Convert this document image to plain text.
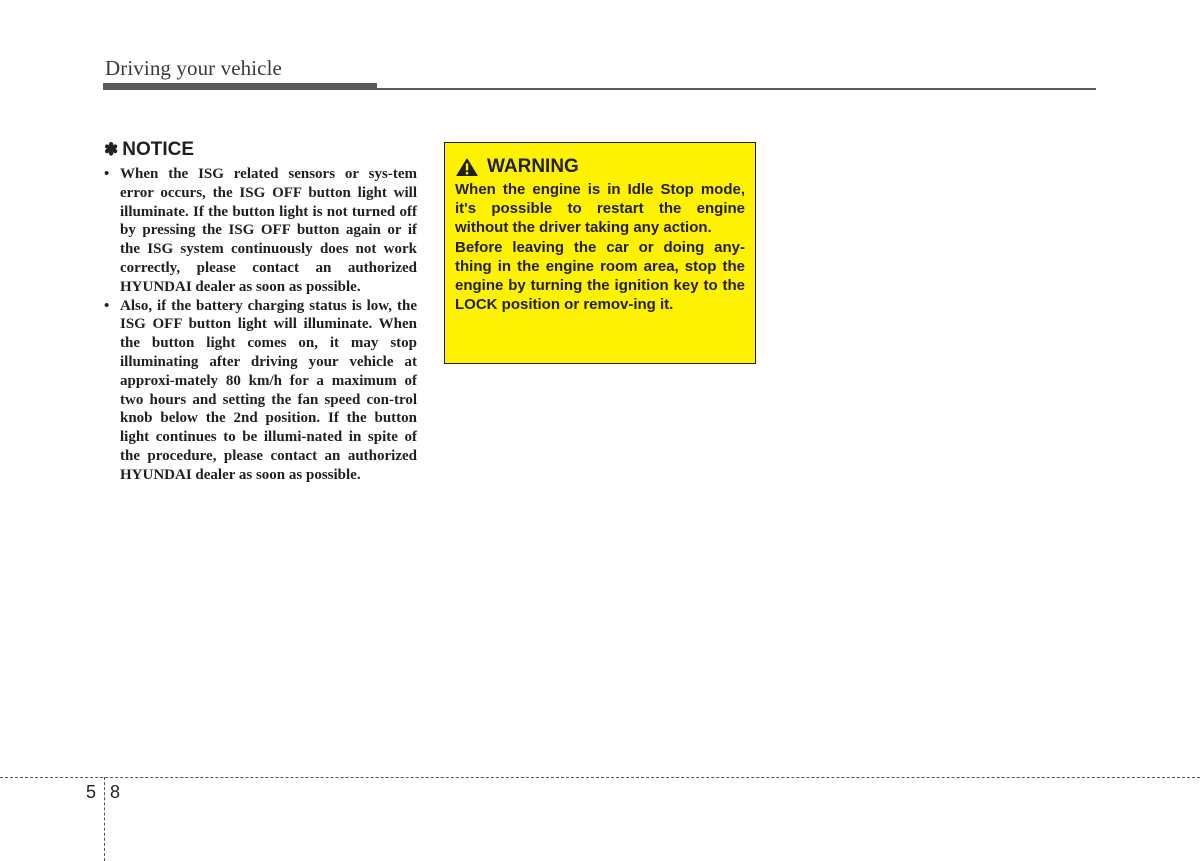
Driving your vehicle
✽ NOTICE
• When the ISG related sensors or sys-tem error occurs, the ISG OFF button light will illuminate. If the button light is not turned off by pressing the ISG OFF button again or if the ISG system continuously does not work correctly, please contact an authorized HYUNDAI dealer as soon as possible.
• Also, if the battery charging status is low, the ISG OFF button light will illuminate. When the button light comes on, it may stop illuminating after driving your vehicle at approxi-mately 80 km/h for a maximum of two hours and setting the fan speed con-trol knob below the 2nd position. If the button light continues to be illumi-nated in spite of the procedure, please contact an authorized HYUNDAI dealer as soon as possible.
WARNING

When the engine is in Idle Stop mode, it's possible to restart the engine without the driver taking any action.

Before leaving the car or doing any-thing in the engine room area, stop the engine by turning the ignition key to the LOCK position or remov-ing it.

5 8
